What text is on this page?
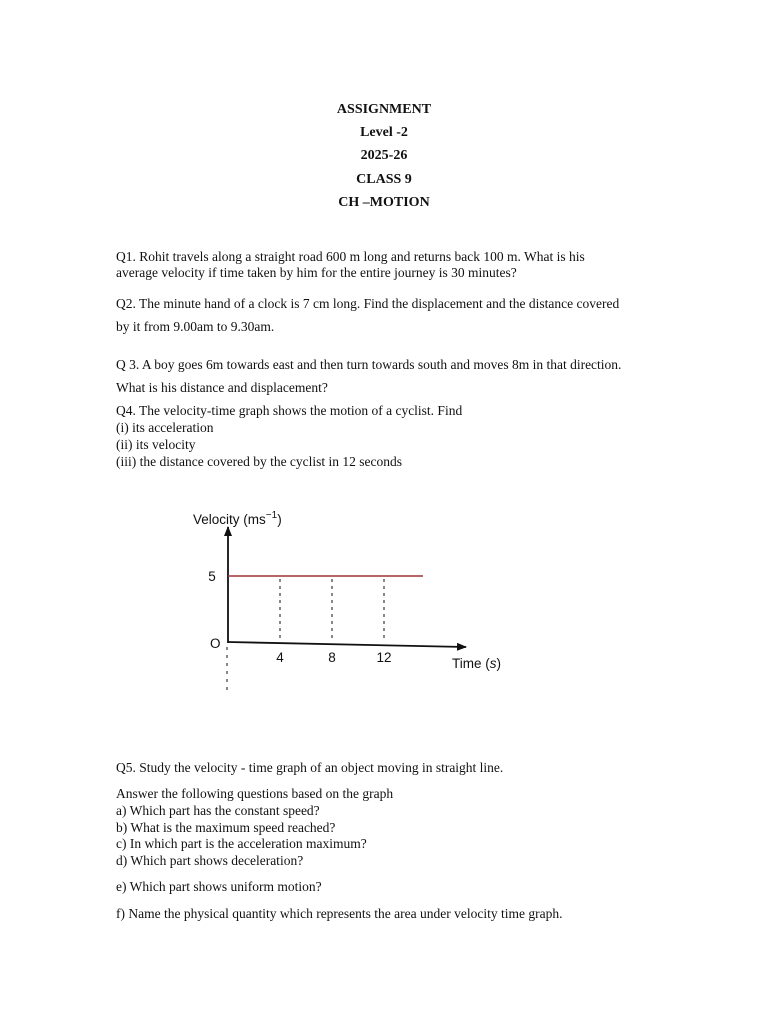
ASSIGNMENT
Level -2
2025-26
CLASS 9
CH –MOTION
Q1. Rohit travels along a straight road 600 m long and returns back 100 m. What is his
average velocity if time taken by him for the entire journey is 30 minutes?
Q2. The minute hand of a clock is 7 cm long. Find the displacement and the distance covered
by it from 9.00am to 9.30am.
Q 3. A boy goes 6m towards east and then turn towards south and moves 8m in that direction.
What is his distance and displacement?
Q4. The velocity-time graph shows the motion of a cyclist. Find
(i) its acceleration
(ii) its velocity
(iii) the distance covered by the cyclist in 12 seconds
Velocity $(ms^{-1})$
Time (s)
O
4	8	12
5
Q5. Study the velocity - time graph of an object moving in straight line.
Answer the following questions based on the graph
a) Which part has the constant speed?
b) What is the maximum speed reached?
c) In which part is the acceleration maximum?
d) Which part shows deceleration?
e) Which part shows uniform motion?
f) Name the physical quantity which represents the area under velocity time graph.
